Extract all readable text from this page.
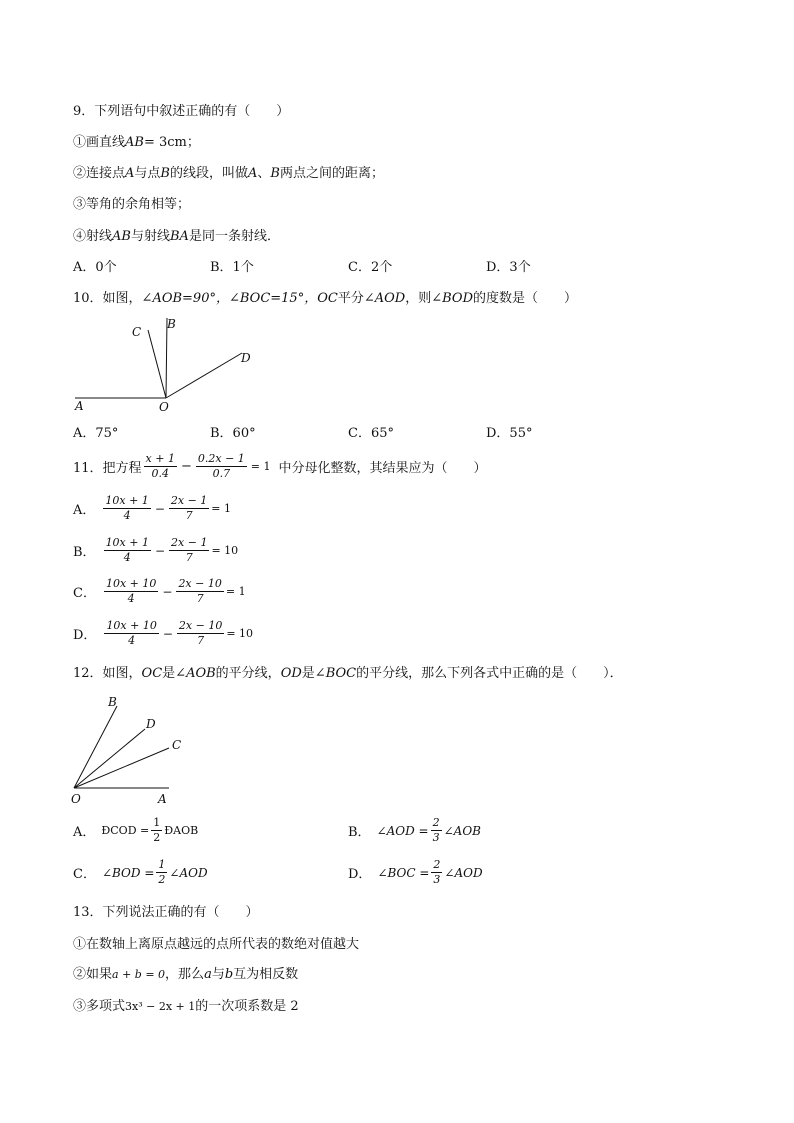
9．下列语句中叙述正确的有（　　）
①画直线AB= 3cm；
②连接点A与点B的线段，叫做A、B两点之间的距离；
③等角的余角相等；
④射线AB与射线BA是同一条射线．
A．0个	B．1个	C．2个	D．3个
10．如图，∠AOB=90°，∠BOC=15°，OC平分∠AOD，则∠BOD的度数是（　　）
A	O
B
C
D
A．75°	B．60°	C．65°	D．55°
11．把方程 $\frac{x + 1}{0.4} - \frac{0.2x - 1}{0.7} = 1$ 中分母化整数，其结果应为（　　）
A． $\frac{10x + 1}{4} - \frac{2x - 1}{7} = 1$
B． $\frac{10x + 1}{4} - \frac{2x - 1}{7} = 10$
C． $\frac{10x + 10}{4} - \frac{2x - 10}{7} = 1$
D． $\frac{10x + 10}{4} - \frac{2x - 10}{7} = 10$
12．如图，OC是∠AOB的平分线，OD是∠BOC的平分线，那么下列各式中正确的是（　　）．
B
D
C
O	A
A． ĐCOD = $\frac{1}{2}$ ĐAOB	B． ∠AOD = $\frac{2}{3}$ ∠AOB
C． ∠BOD = $\frac{1}{2}$ ∠AOD	D． ∠BOC = $\frac{2}{3}$ ∠AOD
13．下列说法正确的有（　　）
①在数轴上离原点越远的点所代表的数绝对值越大
②如果a + b = 0，那么a与b互为相反数
③多项式3x³ − 2x + 1的一次项系数是 2
